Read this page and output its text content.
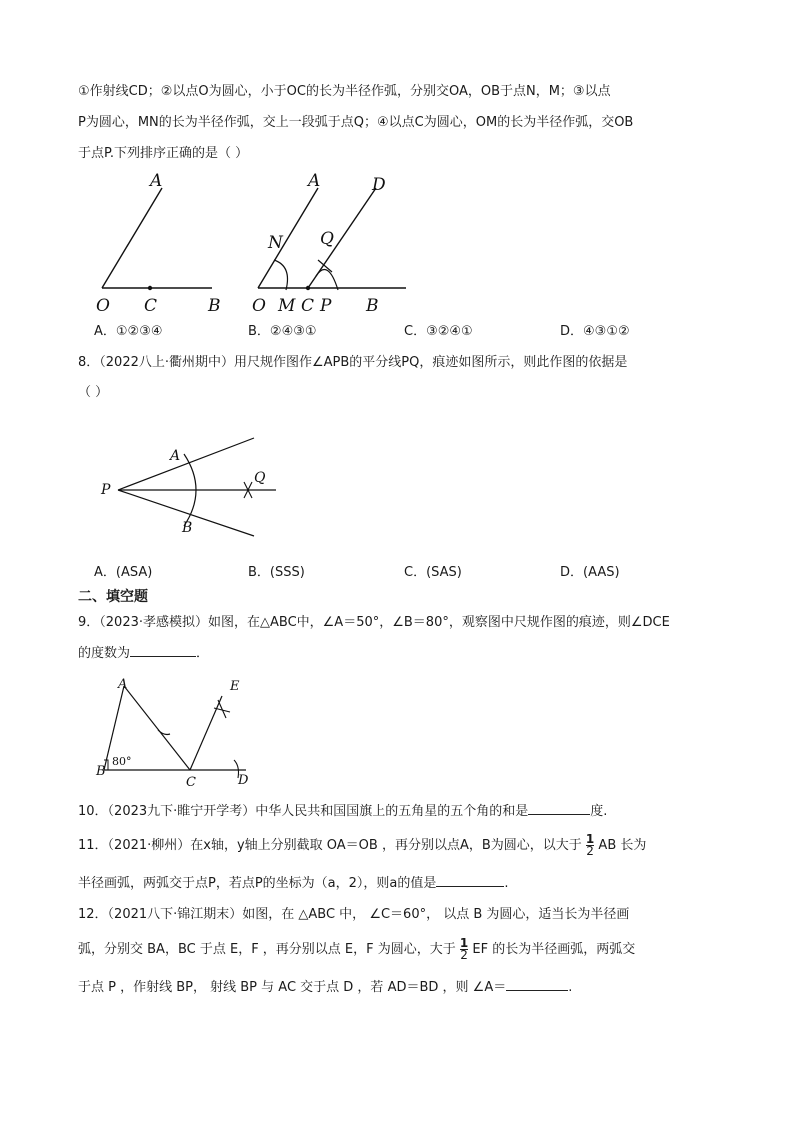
①作射线CD；②以点O为圆心，小于OC的长为半径作弧，分别交OA，OB于点N，M；③以点
P为圆心，MN的长为半径作弧，交上一段弧于点Q；④以点C为圆心，OM的长为半径作弧，交OB
于点P.下列排序正确的是（ ）
A
O C	B
A	D
N Q
O M C P B
A．①②③④	B．②④③①	C．③②④①	D．④③①②
8．（2022八上·衢州期中）用尺规作图作∠APB的平分线PQ，痕迹如图所示，则此作图的依据是
（ ）
P
A
B
Q
A．(ASA)	B．(SSS)	C．(SAS)	D．(AAS)
二、填空题
9．（2023·孝感模拟）如图，在△ABC中，∠A＝50°，∠B＝80°，观察图中尺规作图的痕迹，则∠DCE
的度数为	．
A
B
80°
C	D
E
10．（2023九下·睢宁开学考）中华人民共和国国旗上的五角星的五个角的和是	度.
11．（2021·柳州）在x轴，y轴上分别截取 OA＝OB ，再分别以点A，B为圆心，以大于 $\frac{1}{2}$ AB 长为
半径画弧，两弧交于点P，若点P的坐标为（a，2），则a的值是	.
12．（2021八下·锦江期末）如图，在 △ABC 中， ∠C＝60°， 以点 B 为圆心，适当长为半径画
弧，分别交 BA，BC 于点 E，F ，再分别以点 E，F 为圆心，大于 $\frac{1}{2}$ EF 的长为半径画弧，两弧交
于点 P ，作射线 BP， 射线 BP 与 AC 交于点 D ，若 AD＝BD ，则 ∠A＝	.
